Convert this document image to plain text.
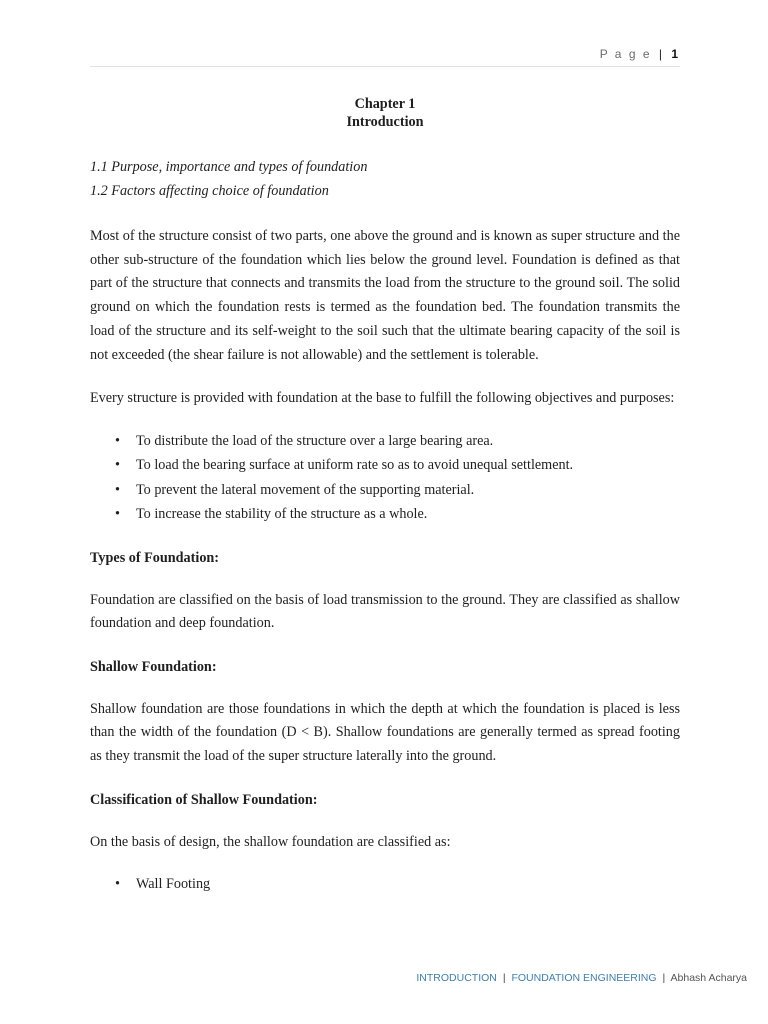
P a g e | 1
Chapter 1
Introduction
1.1 Purpose, importance and types of foundation
1.2 Factors affecting choice of foundation

Most of the structure consist of two parts, one above the ground and is known as super structure and the other sub-structure of the foundation which lies below the ground level. Foundation is defined as that part of the structure that connects and transmits the load from the structure to the ground soil. The solid ground on which the foundation rests is termed as the foundation bed. The foundation transmits the load of the structure and its self-weight to the soil such that the ultimate bearing capacity of the soil is not exceeded (the shear failure is not allowable) and the settlement is tolerable.

Every structure is provided with foundation at the base to fulfill the following objectives and purposes:

• To distribute the load of the structure over a large bearing area.
• To load the bearing surface at uniform rate so as to avoid unequal settlement.
• To prevent the lateral movement of the supporting material.
• To increase the stability of the structure as a whole.

Types of Foundation:

Foundation are classified on the basis of load transmission to the ground. They are classified as shallow foundation and deep foundation.

Shallow Foundation:

Shallow foundation are those foundations in which the depth at which the foundation is placed is less than the width of the foundation (D < B). Shallow foundations are generally termed as spread footing as they transmit the load of the super structure laterally into the ground.

Classification of Shallow Foundation:

On the basis of design, the shallow foundation are classified as:

• Wall Footing
INTRODUCTION | FOUNDATION ENGINEERING | Abhash Acharya
